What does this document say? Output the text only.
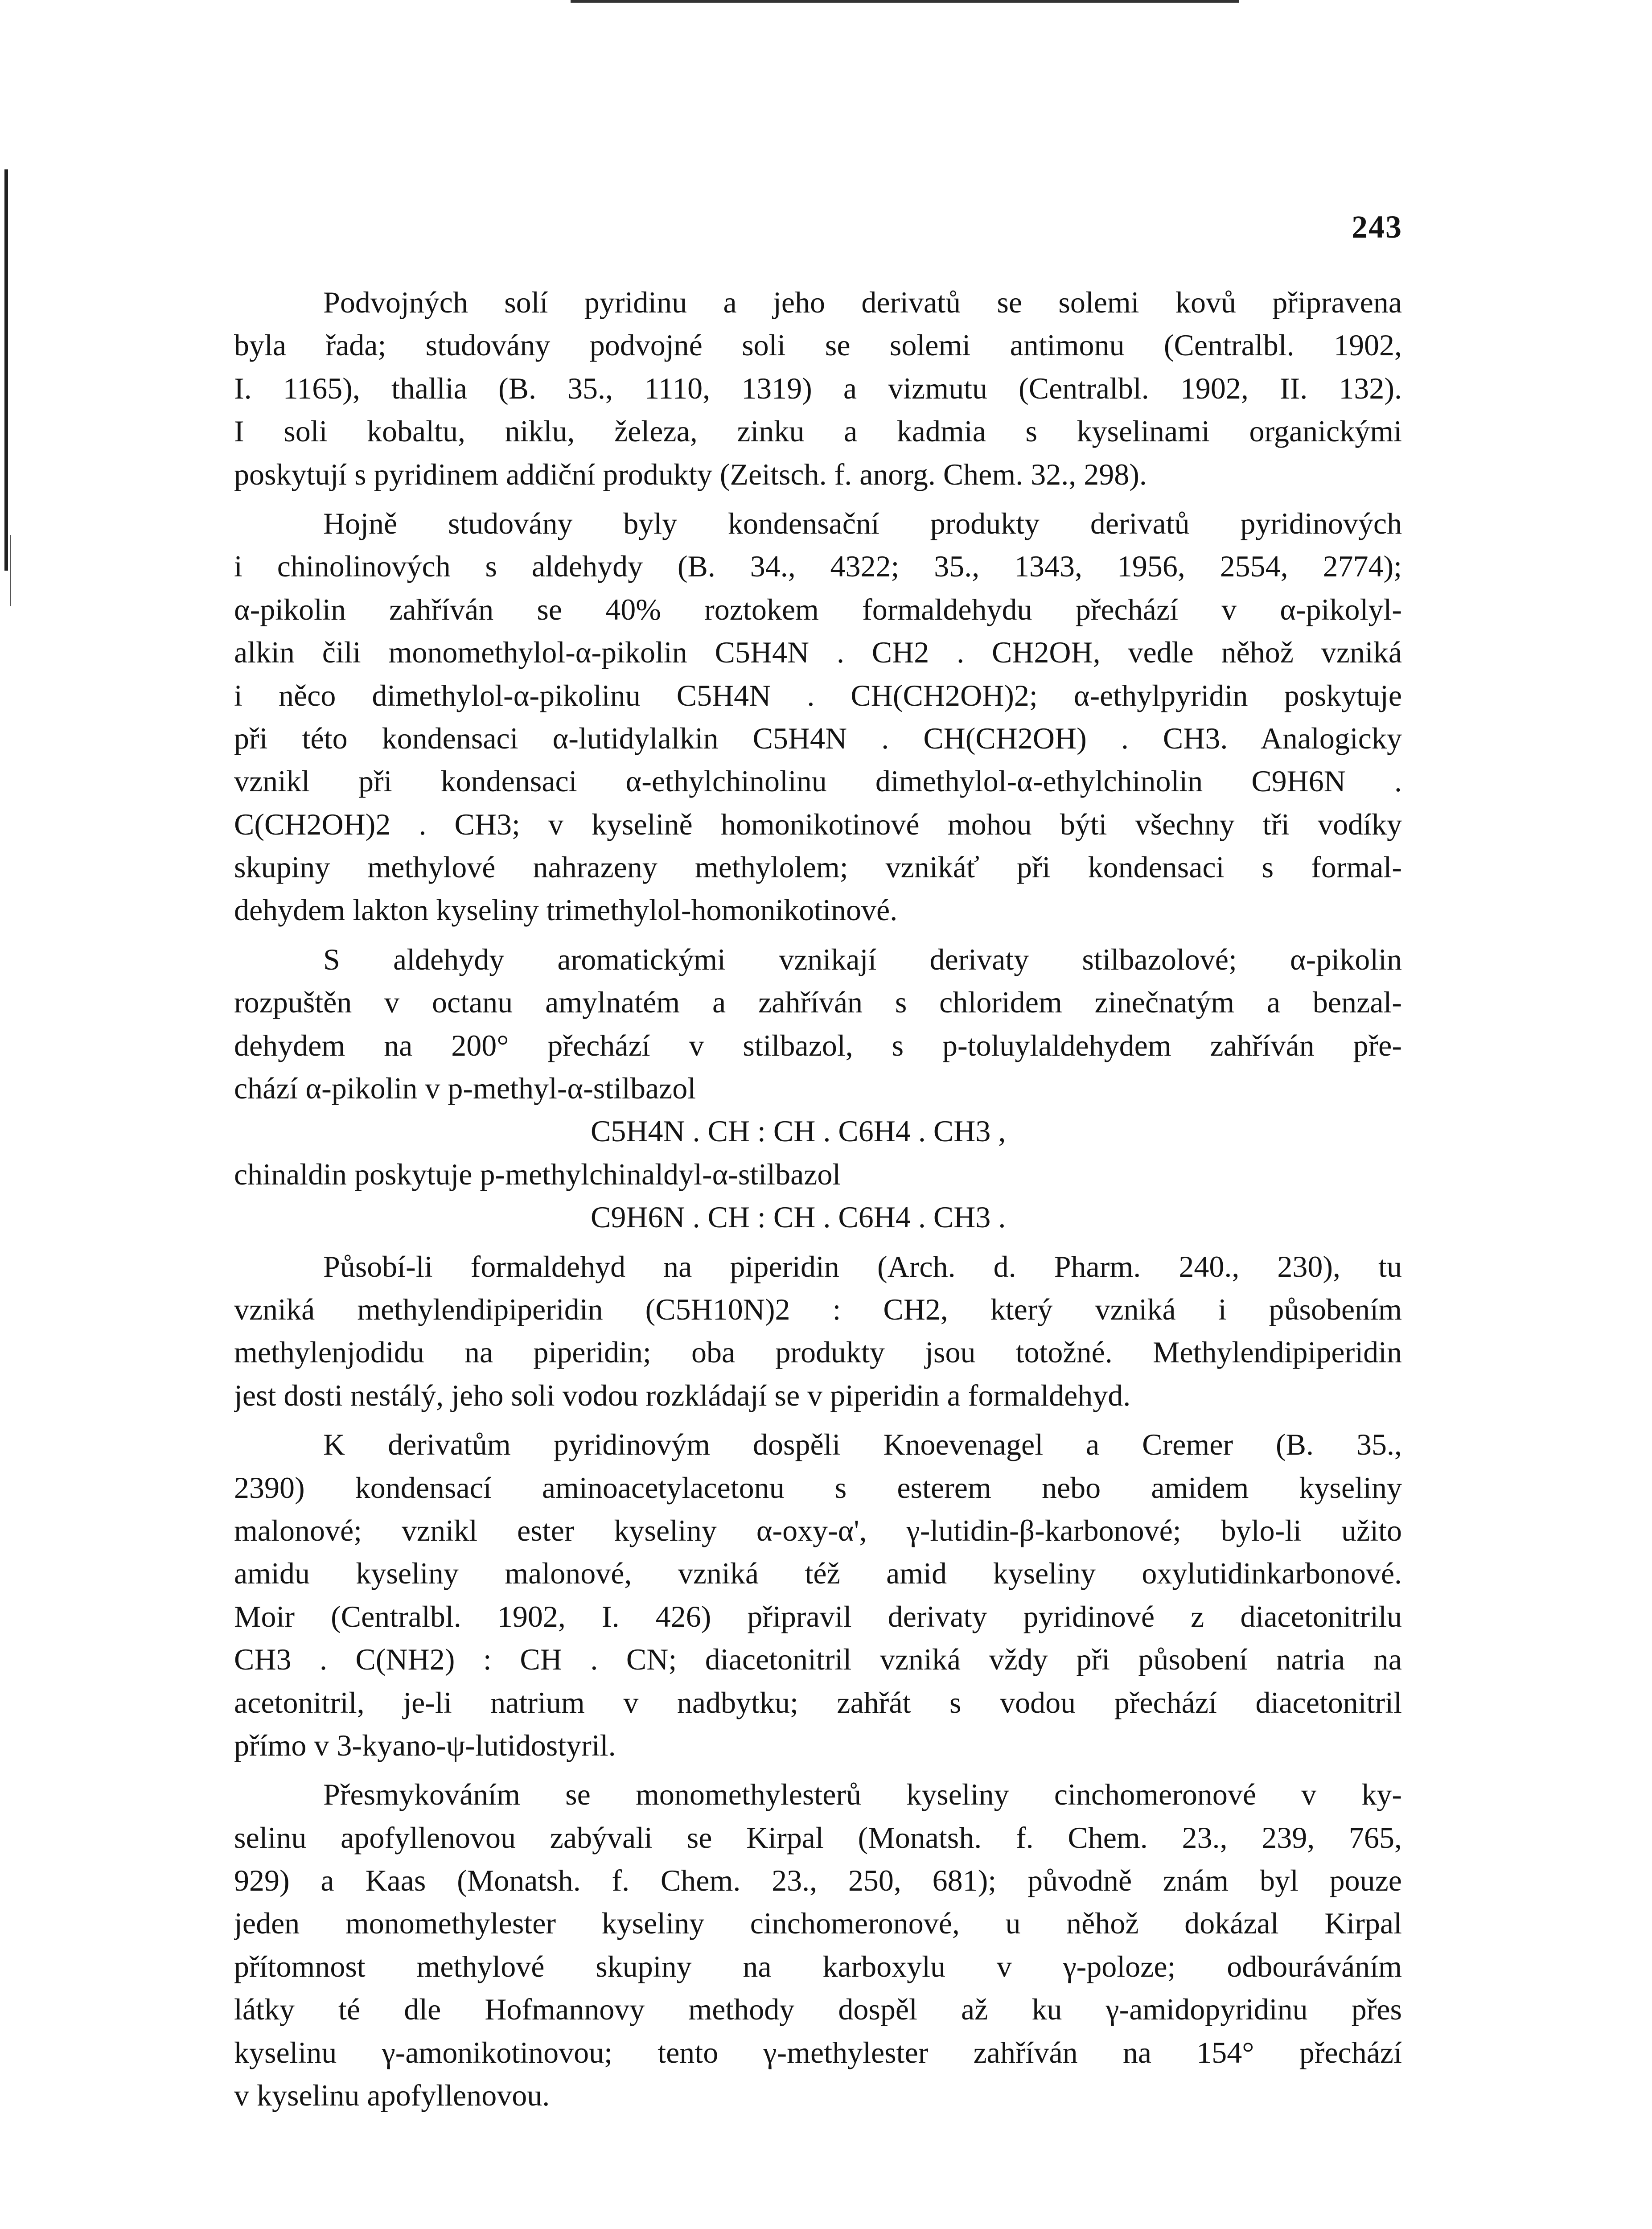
243
Podvojných solí pyridinu a jeho derivatů se solemi kovů připravena
byla řada; studovány podvojné soli se solemi antimonu (Centralbl. 1902,
I. 1165), thallia (B. 35., 1110, 1319) a vizmutu (Centralbl. 1902, II. 132).
I soli kobaltu, niklu, železa, zinku a kadmia s kyselinami organickými
poskytují s pyridinem addiční produkty (Zeitsch. f. anorg. Chem. 32., 298).
Hojně studovány byly kondensační produkty derivatů pyridinových
i chinolinových s aldehydy (B. 34., 4322; 35., 1343, 1956, 2554, 2774);
α-pikolin zahříván se 40% roztokem formaldehydu přechází v α-pikolyl-
alkin čili monomethylol-α-pikolin C5H4N . CH2 . CH2OH, vedle něhož vzniká
i něco dimethylol-α-pikolinu C5H4N . CH(CH2OH)2; α-ethylpyridin poskytuje
při této kondensaci α-lutidylalkin C5H4N . CH(CH2OH) . CH3. Analogicky
vznikl při kondensaci α-ethylchinolinu dimethylol-α-ethylchinolin C9H6N .
C(CH2OH)2 . CH3; v kyselině homonikotinové mohou býti všechny tři vodíky
skupiny methylové nahrazeny methylolem; vznikáť při kondensaci s formal-
dehydem lakton kyseliny trimethylol-homonikotinové.
S aldehydy aromatickými vznikají derivaty stilbazolové; α-pikolin
rozpuštěn v octanu amylnatém a zahříván s chloridem zinečnatým a benzal-
dehydem na 200° přechází v stilbazol, s p-toluylaldehydem zahříván pře-
chází α-pikolin v p-methyl-α-stilbazol
C5H4N . CH : CH . C6H4 . CH3 ,
chinaldin poskytuje p-methylchinaldyl-α-stilbazol
C9H6N . CH : CH . C6H4 . CH3 .
Působí-li formaldehyd na piperidin (Arch. d. Pharm. 240., 230), tu
vzniká methylendipiperidin (C5H10N)2 : CH2, který vzniká i působením
methylenjodidu na piperidin; oba produkty jsou totožné. Methylendipiperidin
jest dosti nestálý, jeho soli vodou rozkládají se v piperidin a formaldehyd.
K derivatům pyridinovým dospěli Knoevenagel a Cremer (B. 35.,
2390) kondensací aminoacetylacetonu s esterem nebo amidem kyseliny
malonové; vznikl ester kyseliny α-oxy-α', γ-lutidin-β-karbonové; bylo-li užito
amidu kyseliny malonové, vzniká též amid kyseliny oxylutidinkarbonové.
Moir (Centralbl. 1902, I. 426) připravil derivaty pyridinové z diacetonitrilu
CH3 . C(NH2) : CH . CN; diacetonitril vzniká vždy při působení natria na
acetonitril, je-li natrium v nadbytku; zahřát s vodou přechází diacetonitril
přímo v 3-kyano-ψ-lutidostyril.
Přesmykováním se monomethylesterů kyseliny cinchomeronové v ky-
selinu apofyllenovou zabývali se Kirpal (Monatsh. f. Chem. 23., 239, 765,
929) a Kaas (Monatsh. f. Chem. 23., 250, 681); původně znám byl pouze
jeden monomethylester kyseliny cinchomeronové, u něhož dokázal Kirpal
přítomnost methylové skupiny na karboxylu v γ-poloze; odbouráváním
látky té dle Hofmannovy methody dospěl až ku γ-amidopyridinu přes
kyselinu γ-amonikotinovou; tento γ-methylester zahříván na 154° přechází
v kyselinu apofyllenovou.
